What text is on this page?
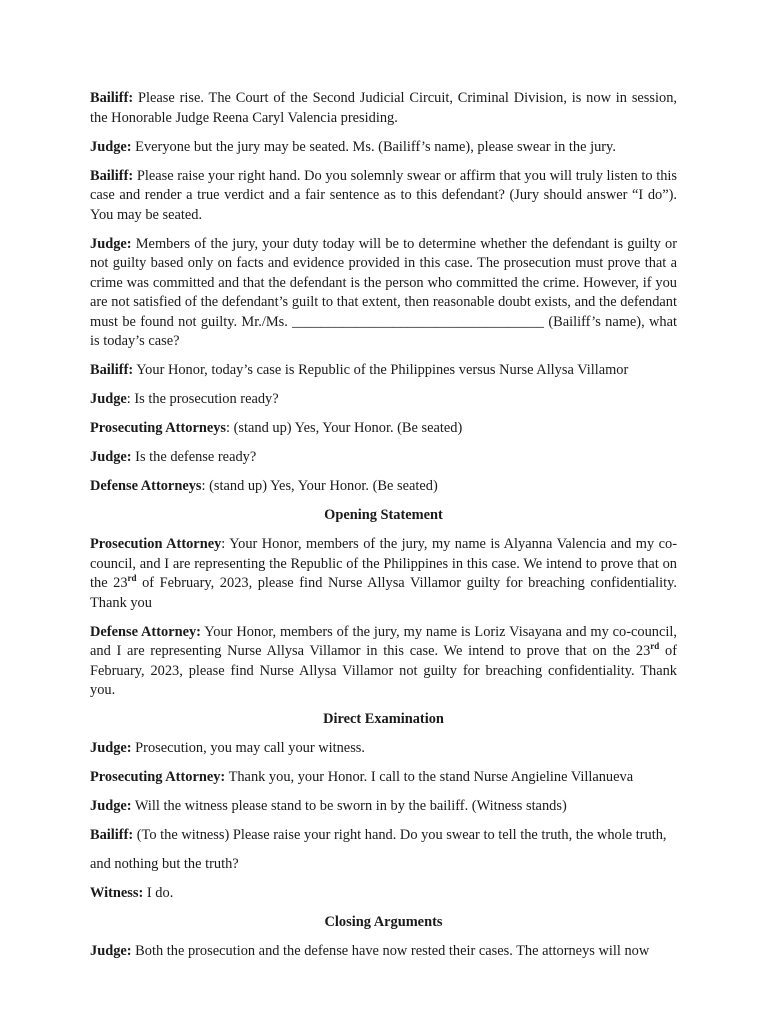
Bailiff: Please rise. The Court of the Second Judicial Circuit, Criminal Division, is now in session, the Honorable Judge Reena Caryl Valencia presiding.

Judge: Everyone but the jury may be seated. Ms. (Bailiff’s name), please swear in the jury.

Bailiff: Please raise your right hand. Do you solemnly swear or affirm that you will truly listen to this case and render a true verdict and a fair sentence as to this defendant? (Jury should answer “I do”). You may be seated.

Judge: Members of the jury, your duty today will be to determine whether the defendant is guilty or not guilty based only on facts and evidence provided in this case. The prosecution must prove that a crime was committed and that the defendant is the person who committed the crime. However, if you are not satisfied of the defendant’s guilt to that extent, then reasonable doubt exists, and the defendant must be found not guilty. Mr./Ms. ___________________________________ (Bailiff’s name), what is today’s case?

Bailiff: Your Honor, today’s case is Republic of the Philippines versus Nurse Allysa Villamor

Judge: Is the prosecution ready?

Prosecuting Attorneys: (stand up) Yes, Your Honor. (Be seated)

Judge: Is the defense ready?

Defense Attorneys: (stand up) Yes, Your Honor. (Be seated)

Opening Statement

Prosecution Attorney: Your Honor, members of the jury, my name is Alyanna Valencia and my co-council, and I are representing the Republic of the Philippines in this case. We intend to prove that on the 23rd of February, 2023, please find Nurse Allysa Villamor guilty for breaching confidentiality. Thank you

Defense Attorney: Your Honor, members of the jury, my name is Loriz Visayana and my co-council, and I are representing Nurse Allysa Villamor in this case. We intend to prove that on the 23rd of February, 2023, please find Nurse Allysa Villamor not guilty for breaching confidentiality. Thank you.

Direct Examination

Judge: Prosecution, you may call your witness.

Prosecuting Attorney: Thank you, your Honor. I call to the stand Nurse Angieline Villanueva

Judge: Will the witness please stand to be sworn in by the bailiff. (Witness stands)

Bailiff: (To the witness) Please raise your right hand. Do you swear to tell the truth, the whole truth,

and nothing but the truth?

Witness: I do.

Closing Arguments

Judge: Both the prosecution and the defense have now rested their cases. The attorneys will now
